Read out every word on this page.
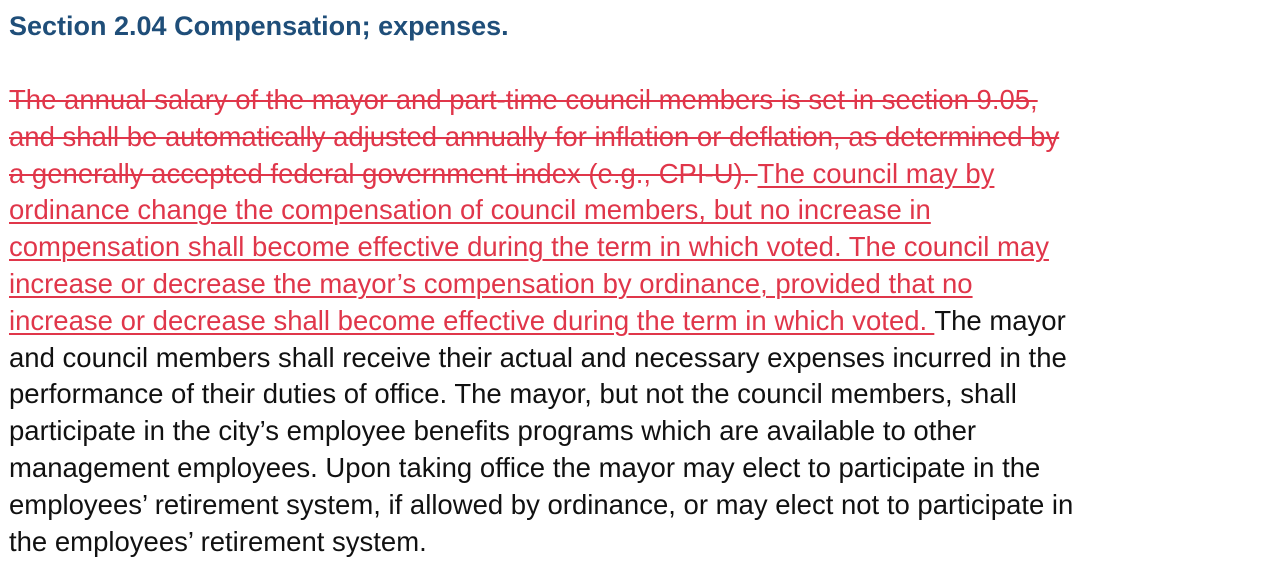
Section 2.04 Compensation; expenses.
The annual salary of the mayor and part-time council members is set in section 9.05,
and shall be automatically adjusted annually for inflation or deflation, as determined by
a generally accepted federal government index (e.g., CPI-U). The council may by
ordinance change the compensation of council members, but no increase in
compensation shall become effective during the term in which voted. The council may
increase or decrease the mayor’s compensation by ordinance, provided that no
increase or decrease shall become effective during the term in which voted. The mayor
and council members shall receive their actual and necessary expenses incurred in the
performance of their duties of office. The mayor, but not the council members, shall
participate in the city’s employee benefits programs which are available to other
management employees. Upon taking office the mayor may elect to participate in the
employees’ retirement system, if allowed by ordinance, or may elect not to participate in
the employees’ retirement system.
